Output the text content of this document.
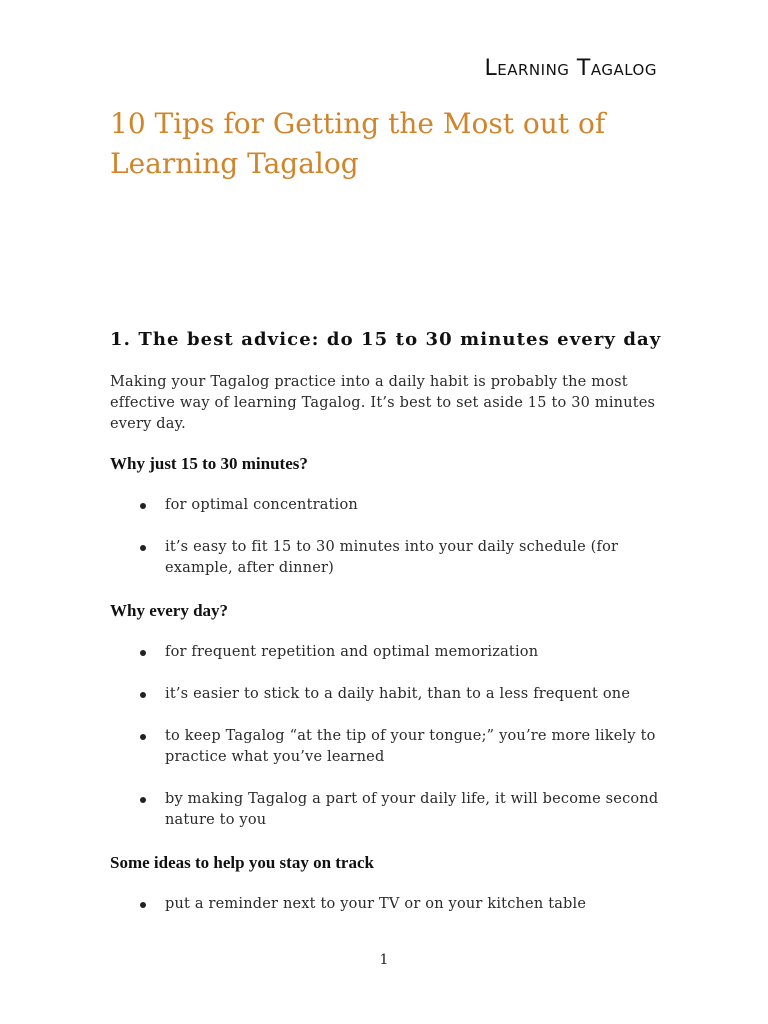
Learning Tagalog
10 Tips for Getting the Most out of Learning Tagalog
1. The best advice: do 15 to 30 minutes every day

Making your Tagalog practice into a daily habit is probably the most effective way of learning Tagalog. It’s best to set aside 15 to 30 minutes every day.

Why just 15 to 30 minutes?
for optimal concentration
it’s easy to fit 15 to 30 minutes into your daily schedule (for example, after dinner)
Why every day?
for frequent repetition and optimal memorization
it’s easier to stick to a daily habit, than to a less frequent one
to keep Tagalog “at the tip of your tongue;” you’re more likely to practice what you’ve learned
by making Tagalog a part of your daily life, it will become second nature to you
Some ideas to help you stay on track
put a reminder next to your TV or on your kitchen table
1
